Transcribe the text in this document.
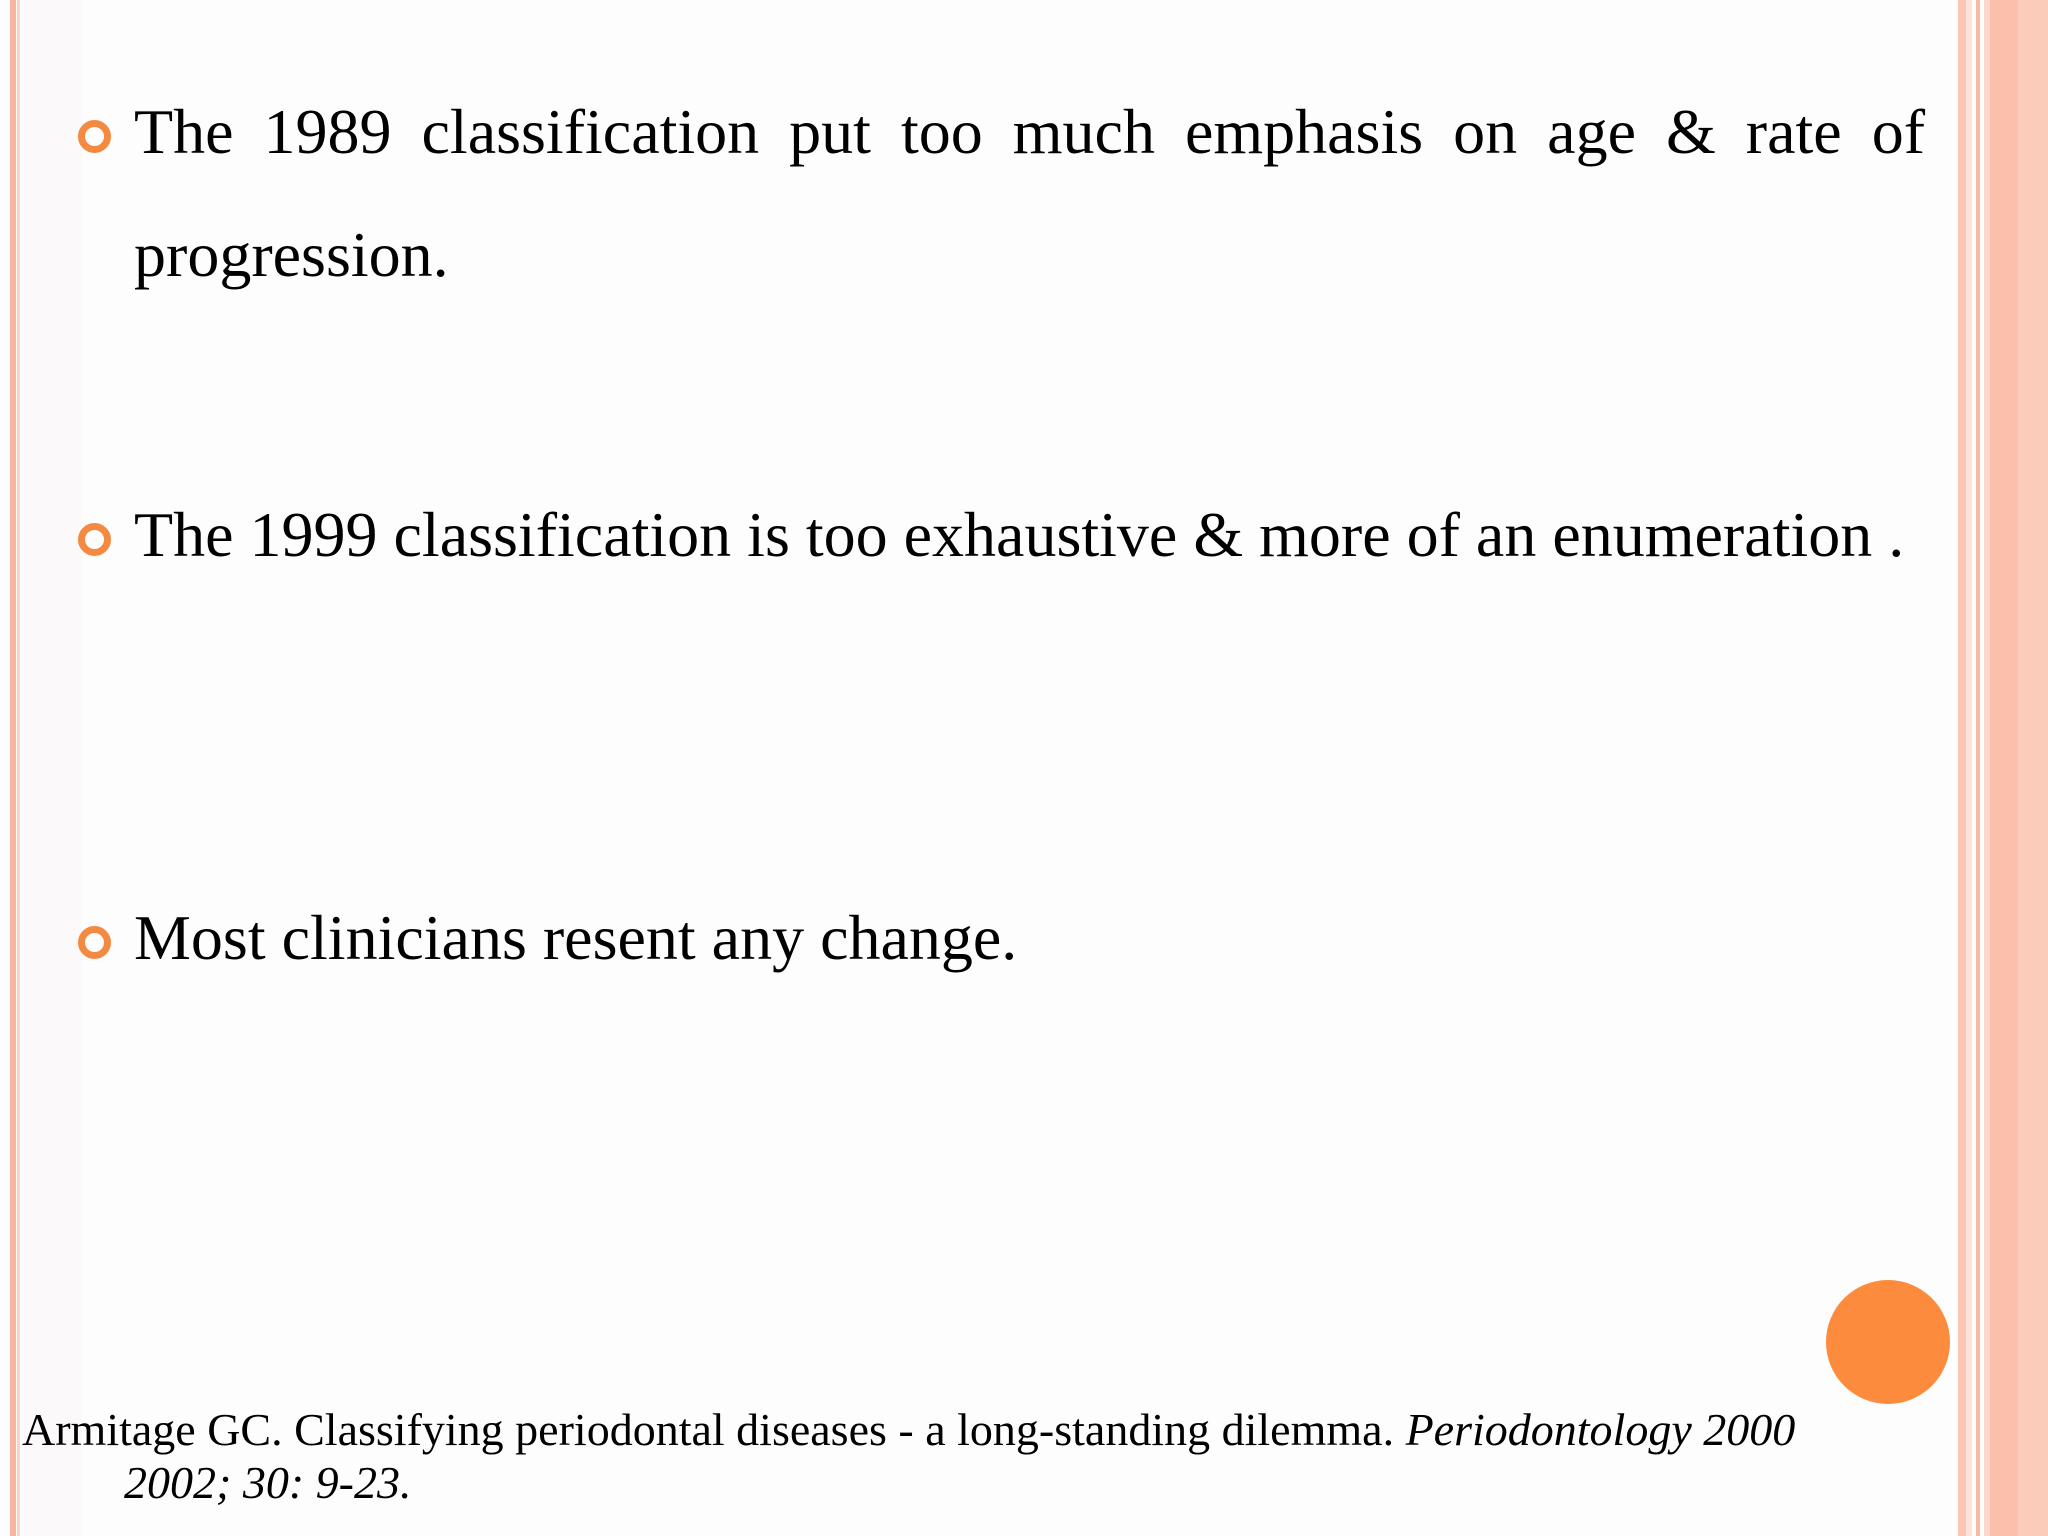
The 1989 classification put too much emphasis on age & rate of progression.
The 1999 classification is too exhaustive & more of an enumeration .
Most clinicians resent any change.
Armitage GC. Classifying periodontal diseases - a long-standing dilemma. Periodontology 2000
2002; 30: 9-23.
